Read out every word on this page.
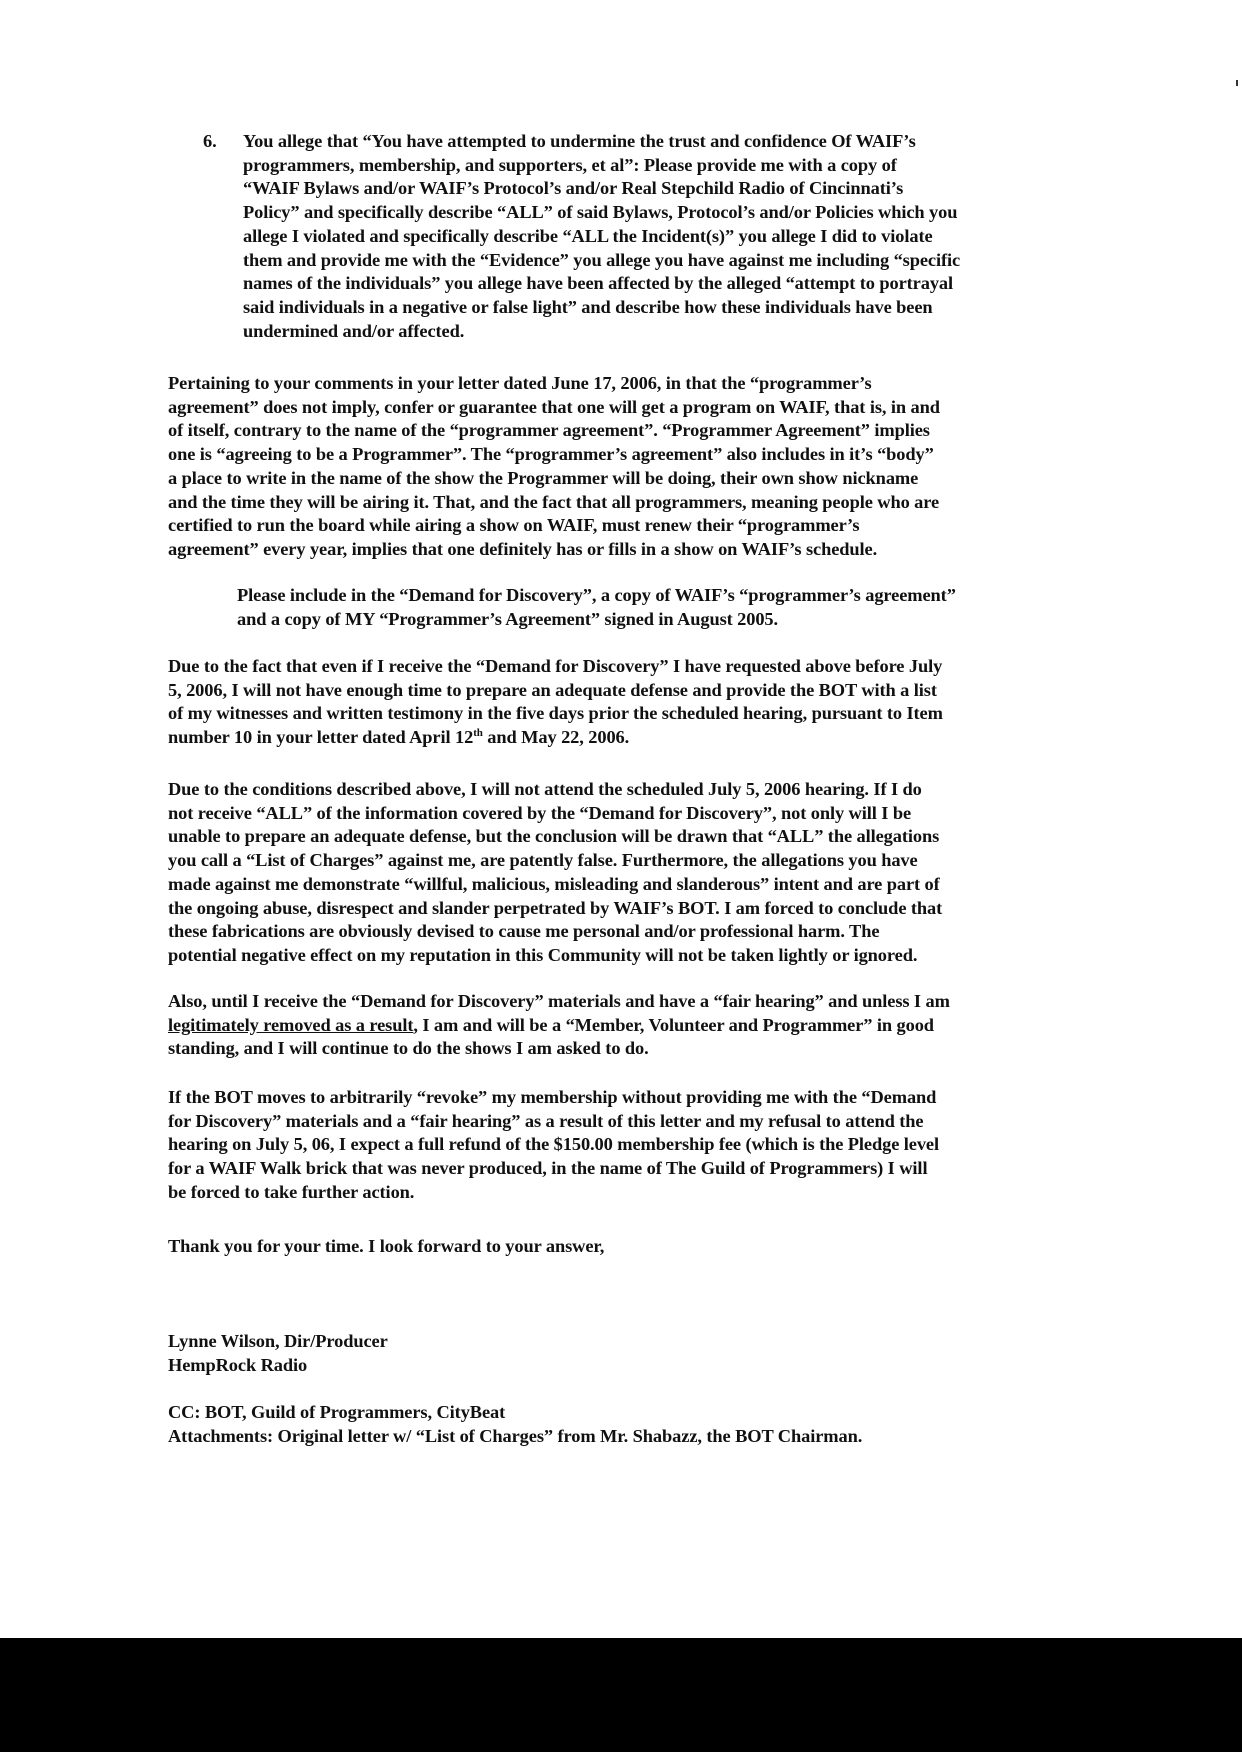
6. You allege that “You have attempted to undermine the trust and confidence Of WAIF’s
programmers, membership, and supporters, et al”: Please provide me with a copy of
“WAIF Bylaws and/or WAIF’s Protocol’s and/or Real Stepchild Radio of Cincinnati’s
Policy” and specifically describe “ALL” of said Bylaws, Protocol’s and/or Policies which you
allege I violated and specifically describe “ALL the Incident(s)” you allege I did to violate
them and provide me with the “Evidence” you allege you have against me including “specific
names of the individuals” you allege have been affected by the alleged “attempt to portrayal
said individuals in a negative or false light” and describe how these individuals have been
undermined and/or affected.
Pertaining to your comments in your letter dated June 17, 2006, in that the “programmer’s
agreement” does not imply, confer or guarantee that one will get a program on WAIF, that is, in and
of itself, contrary to the name of the “programmer agreement”. “Programmer Agreement” implies
one is “agreeing to be a Programmer”. The “programmer’s agreement” also includes in it’s “body”
a place to write in the name of the show the Programmer will be doing, their own show nickname
and the time they will be airing it. That, and the fact that all programmers, meaning people who are
certified to run the board while airing a show on WAIF, must renew their “programmer’s
agreement” every year, implies that one definitely has or fills in a show on WAIF’s schedule.
Please include in the “Demand for Discovery”, a copy of WAIF’s “programmer’s agreement”
and a copy of MY “Programmer’s Agreement” signed in August 2005.
Due to the fact that even if I receive the “Demand for Discovery” I have requested above before July
5, 2006, I will not have enough time to prepare an adequate defense and provide the BOT with a list
of my witnesses and written testimony in the five days prior the scheduled hearing, pursuant to Item
number 10 in your letter dated April 12th and May 22, 2006.
Due to the conditions described above, I will not attend the scheduled July 5, 2006 hearing. If I do
not receive “ALL” of the information covered by the “Demand for Discovery”, not only will I be
unable to prepare an adequate defense, but the conclusion will be drawn that “ALL” the allegations
you call a “List of Charges” against me, are patently false. Furthermore, the allegations you have
made against me demonstrate “willful, malicious, misleading and slanderous” intent and are part of
the ongoing abuse, disrespect and slander perpetrated by WAIF’s BOT. I am forced to conclude that
these fabrications are obviously devised to cause me personal and/or professional harm. The
potential negative effect on my reputation in this Community will not be taken lightly or ignored.
Also, until I receive the “Demand for Discovery” materials and have a “fair hearing” and unless I am
legitimately removed as a result, I am and will be a “Member, Volunteer and Programmer” in good
standing, and I will continue to do the shows I am asked to do.
If the BOT moves to arbitrarily “revoke” my membership without providing me with the “Demand
for Discovery” materials and a “fair hearing” as a result of this letter and my refusal to attend the
hearing on July 5, 06, I expect a full refund of the $150.00 membership fee (which is the Pledge level
for a WAIF Walk brick that was never produced, in the name of The Guild of Programmers) I will
be forced to take further action.
Thank you for your time. I look forward to your answer,
Lynne Wilson, Dir/Producer
HempRock Radio
CC: BOT, Guild of Programmers, CityBeat
Attachments: Original letter w/ “List of Charges” from Mr. Shabazz, the BOT Chairman.
